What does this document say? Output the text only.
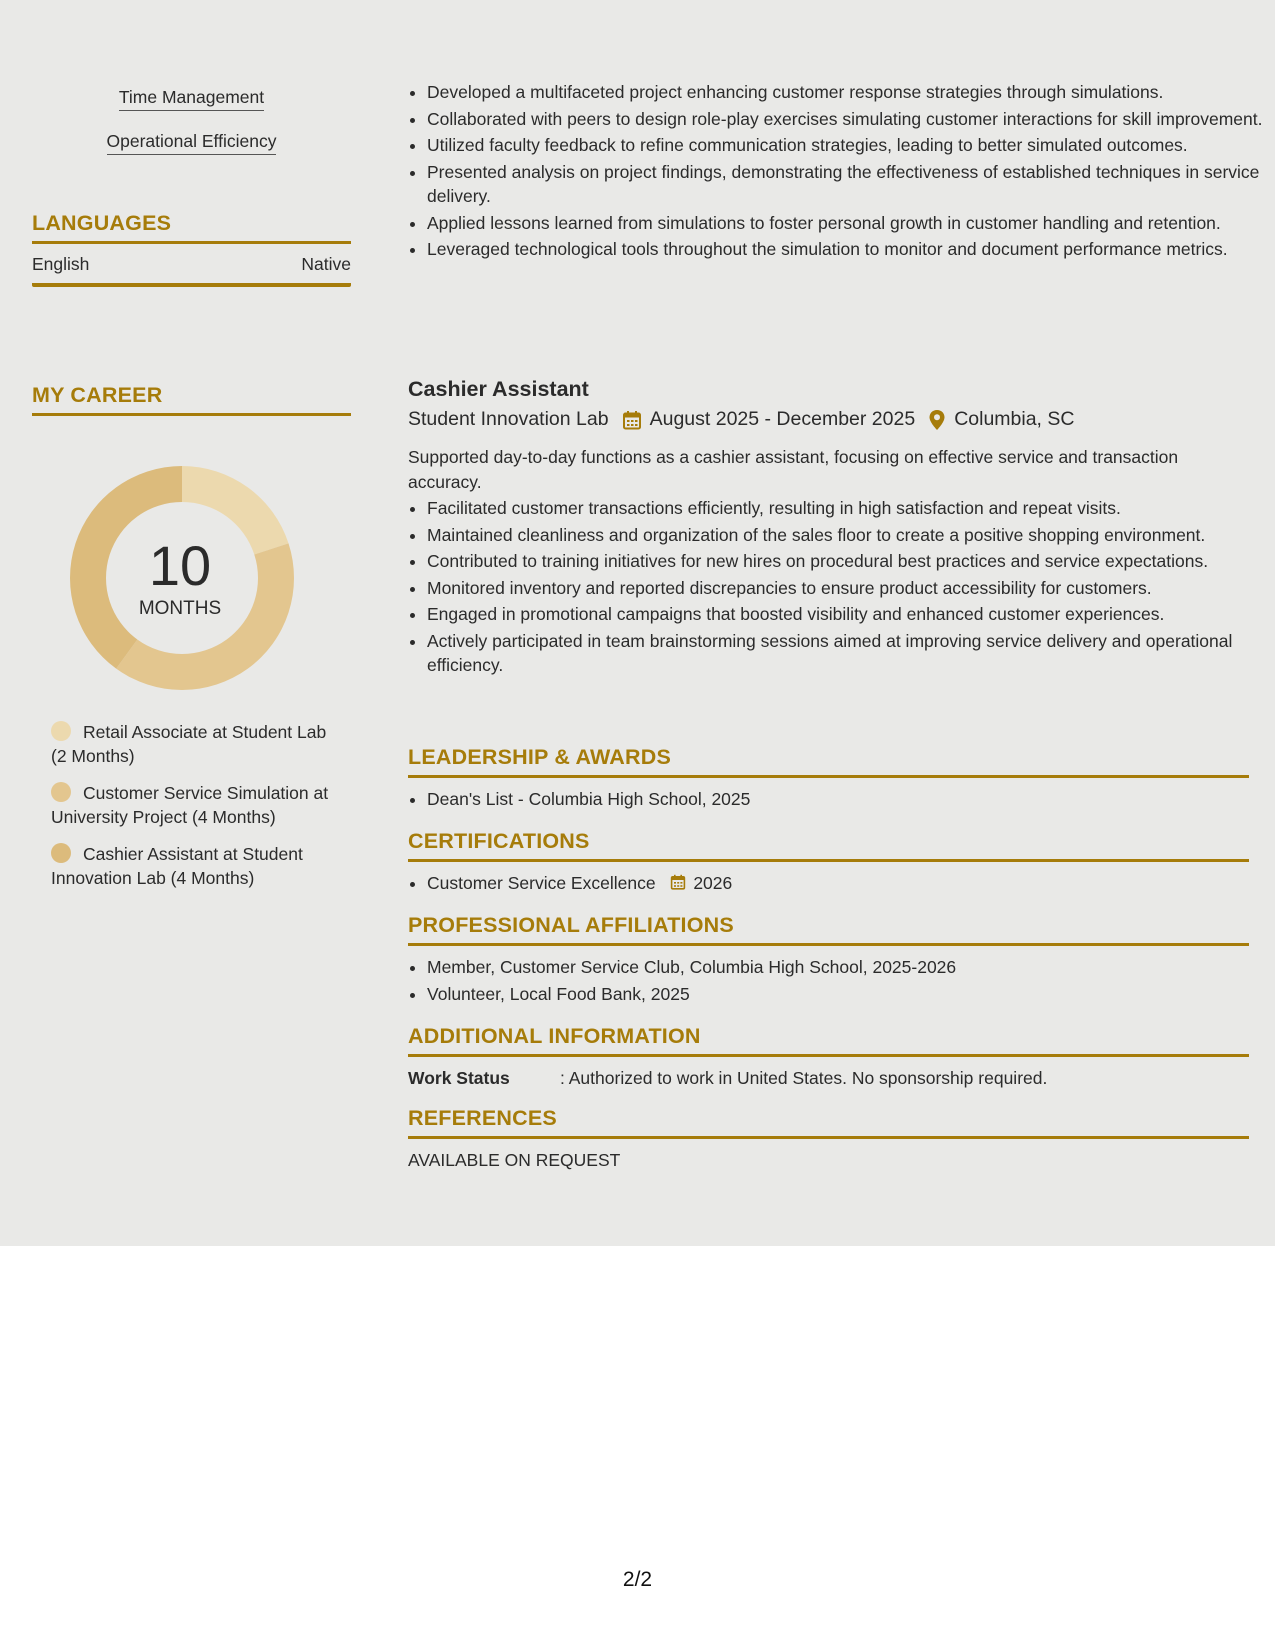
Time Management

Operational Efficiency

LANGUAGES
English	Native
MY CAREER
10
MONTHS
Retail Associate at Student Lab (2 Months)
Customer Service Simulation at University Project (4 Months)
Cashier Assistant at Student Innovation Lab (4 Months)
• Developed a multifaceted project enhancing customer response strategies through simulations.
• Collaborated with peers to design role-play exercises simulating customer interactions for skill improvement.
• Utilized faculty feedback to refine communication strategies, leading to better simulated outcomes.
• Presented analysis on project findings, demonstrating the effectiveness of established techniques in service delivery.
• Applied lessons learned from simulations to foster personal growth in customer handling and retention.
• Leveraged technological tools throughout the simulation to monitor and document performance metrics.
Cashier Assistant
Student Innovation Lab August 2025 - December 2025 Columbia, SC

Supported day-to-day functions as a cashier assistant, focusing on effective service and transaction accuracy.

• Facilitated customer transactions efficiently, resulting in high satisfaction and repeat visits.
• Maintained cleanliness and organization of the sales floor to create a positive shopping environment.
• Contributed to training initiatives for new hires on procedural best practices and service expectations.
• Monitored inventory and reported discrepancies to ensure product accessibility for customers.
• Engaged in promotional campaigns that boosted visibility and enhanced customer experiences.
• Actively participated in team brainstorming sessions aimed at improving service delivery and operational efficiency.
LEADERSHIP & AWARDS
• Dean's List - Columbia High School, 2025
CERTIFICATIONS
• Customer Service Excellence 2026
PROFESSIONAL AFFILIATIONS
• Member, Customer Service Club, Columbia High School, 2025-2026
• Volunteer, Local Food Bank, 2025
ADDITIONAL INFORMATION

Work Status	: Authorized to work in United States. No sponsorship required.

REFERENCES

AVAILABLE ON REQUEST

2/2
